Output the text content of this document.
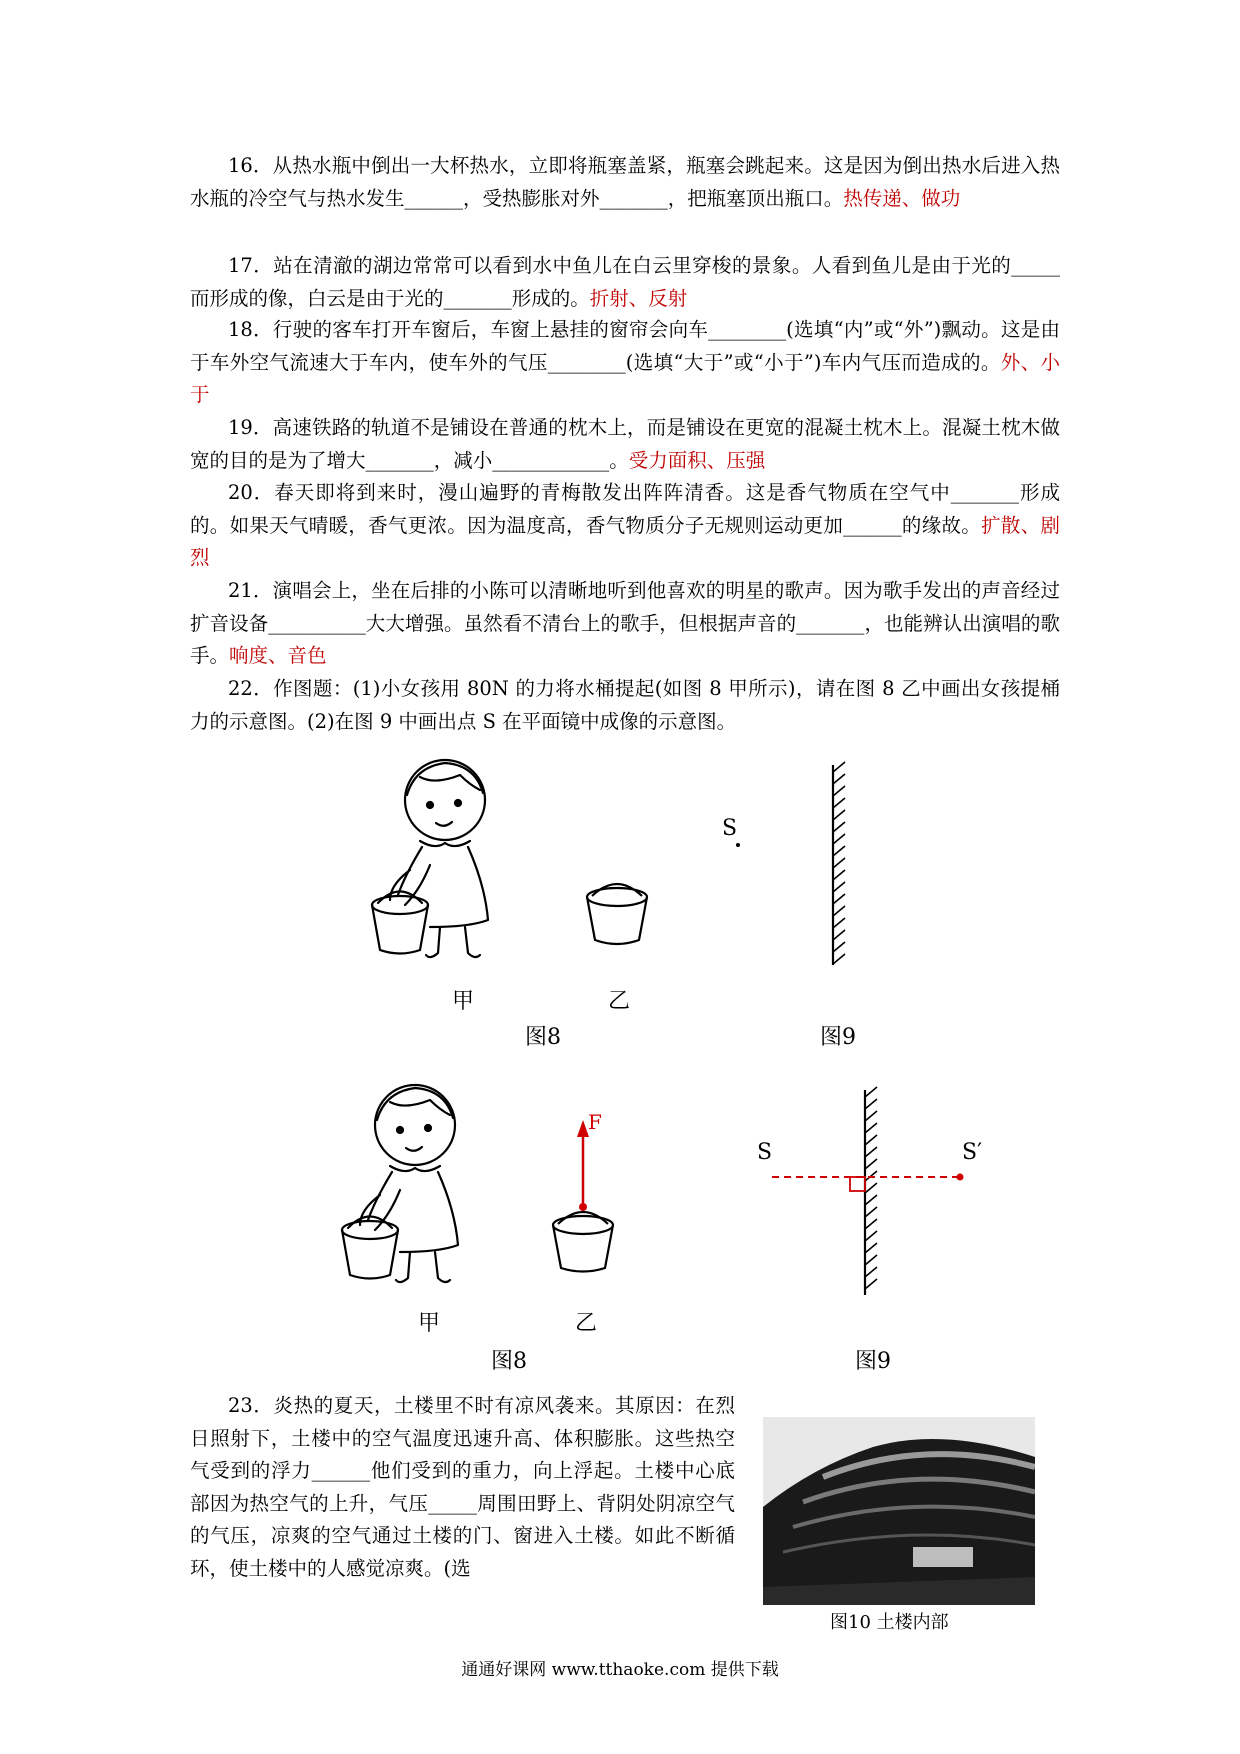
16．从热水瓶中倒出一大杯热水，立即将瓶塞盖紧，瓶塞会跳起来。这是因为倒出热水后进入热水瓶的冷空气与热水发生______，受热膨胀对外_______，把瓶塞顶出瓶口。热传递、做功

17．站在清澈的湖边常常可以看到水中鱼儿在白云里穿梭的景象。人看到鱼儿是由于光的_____而形成的像，白云是由于光的_______形成的。折射、反射

18．行驶的客车打开车窗后，车窗上悬挂的窗帘会向车________(选填“内”或“外”)飘动。这是由于车外空气流速大于车内，使车外的气压________(选填“大于”或“小于”)车内气压而造成的。外、小于

19．高速铁路的轨道不是铺设在普通的枕木上，而是铺设在更宽的混凝土枕木上。混凝土枕木做宽的目的是为了增大_______，减小____________。受力面积、压强

20．春天即将到来时，漫山遍野的青梅散发出阵阵清香。这是香气物质在空气中_______形成的。如果天气晴暖，香气更浓。因为温度高，香气物质分子无规则运动更加______的缘故。扩散、剧烈

21．演唱会上，坐在后排的小陈可以清晰地听到他喜欢的明星的歌声。因为歌手发出的声音经过扩音设备__________大大增强。虽然看不清台上的歌手，但根据声音的_______，也能辨认出演唱的歌手。响度、音色

22．作图题：(1)小女孩用 80N 的力将水桶提起(如图 8 甲所示)，请在图 8 乙中画出女孩提桶力的示意图。(2)在图 9 中画出点 S 在平面镜中成像的示意图。

甲	乙
图8
S
图9
F
甲	乙
图8
S	S′
图9

23．炎热的夏天，土楼里不时有凉风袭来。其原因：在烈日照射下，土楼中的空气温度迅速升高、体积膨胀。这些热空气受到的浮力______他们受到的重力，向上浮起。土楼中心底部因为热空气的上升，气压_____周围田野上、背阴处阴凉空气的气压，凉爽的空气通过土楼的门、窗进入土楼。如此不断循环，使土楼中的人感觉凉爽。(选

图10 土楼内部
通通好课网 www.tthaoke.com 提供下载
